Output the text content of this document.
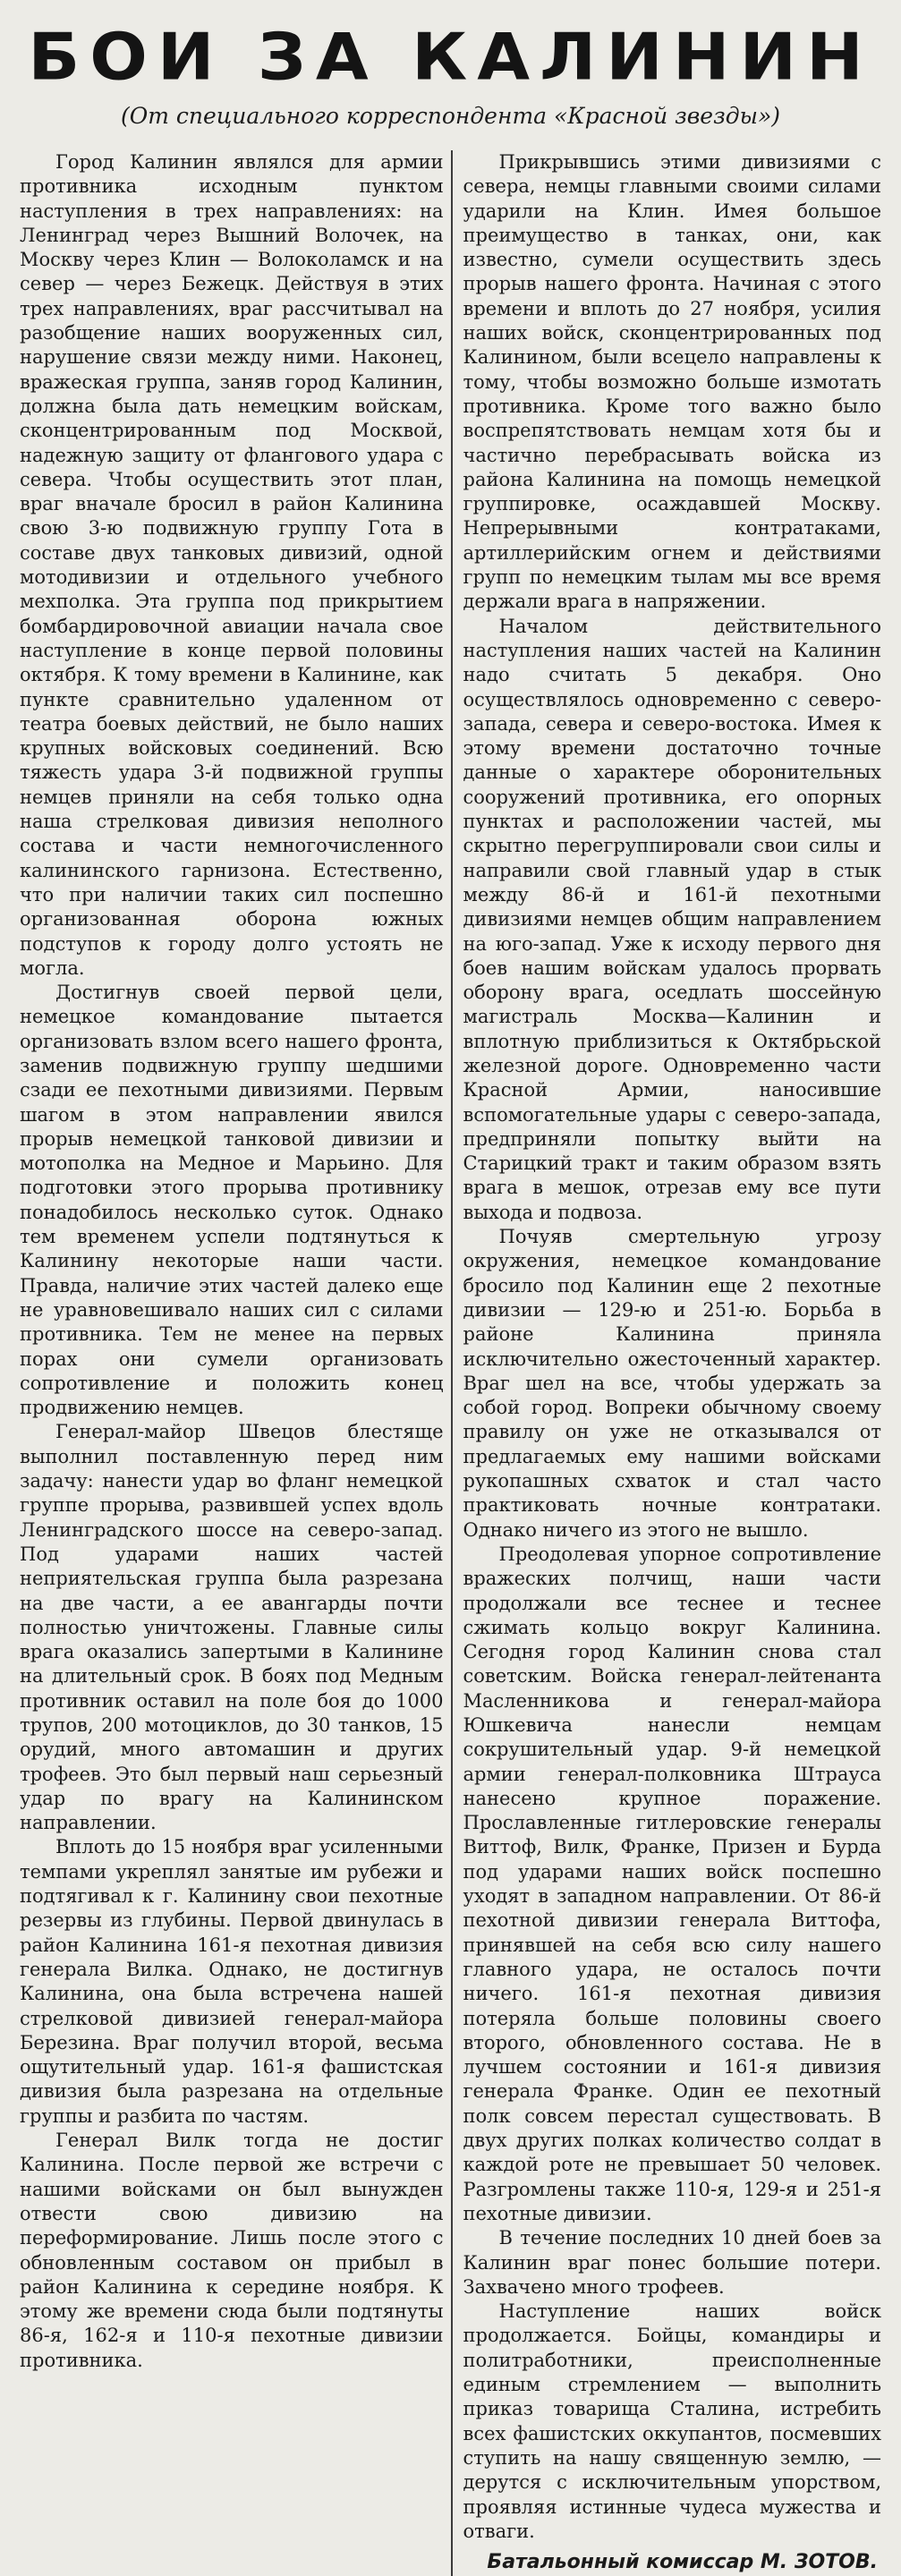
БОИ ЗА КАЛИНИН
(От специального корреспондента «Красной звезды»)

Город Калинин являлся для армии противника исходным пунктом наступления в трех направлениях: на Ленинград через Вышний Волочек, на Москву через Клин — Волоколамск и на север — через Бежецк. Действуя в этих трех направлениях, враг рассчитывал на разобщение наших вооруженных сил, нарушение связи между ними. Наконец, вражеская группа, заняв город Калинин, должна была дать немецким войскам, сконцентрированным под Москвой, надежную защиту от флангового удара с севера. Чтобы осуществить этот план, враг вначале бросил в район Калинина свою 3-ю подвижную группу Гота в составе двух танковых дивизий, одной мотодивизии и отдельного учебного мехполка. Эта группа под прикрытием бомбардировочной авиации начала свое наступление в конце первой половины октября. К тому времени в Калинине, как пункте сравнительно удаленном от театра боевых действий, не было наших крупных войсковых соединений. Всю тяжесть удара 3-й подвижной группы немцев приняли на себя только одна наша стрелковая дивизия неполного состава и части немногочисленного калининского гарнизона. Естественно, что при наличии таких сил поспешно организованная оборона южных подступов к городу долго устоять не могла.

Достигнув своей первой цели, немецкое командование пытается организовать взлом всего нашего фронта, заменив подвижную группу шедшими сзади ее пехотными дивизиями. Первым шагом в этом направлении явился прорыв немецкой танковой дивизии и мотополка на Медное и Марьино. Для подготовки этого прорыва противнику понадобилось несколько суток. Однако тем временем успели подтянуться к Калинину некоторые наши части. Правда, наличие этих частей далеко еще не уравновешивало наших сил с силами противника. Тем не менее на первых порах они сумели организовать сопротивление и положить конец продвижению немцев.

Генерал-майор Швецов блестяще выполнил поставленную перед ним задачу: нанести удар во фланг немецкой группе прорыва, развившей успех вдоль Ленинградского шоссе на северо-запад. Под ударами наших частей неприятельская группа была разрезана на две части, а ее авангарды почти полностью уничтожены. Главные силы врага оказались запертыми в Калинине на длительный срок. В боях под Медным противник оставил на поле боя до 1000 трупов, 200 мотоциклов, до 30 танков, 15 орудий, много автомашин и других трофеев. Это был первый наш серьезный удар по врагу на Калининском направлении.

Вплоть до 15 ноября враг усиленными темпами укреплял занятые им рубежи и подтягивал к г. Калинину свои пехотные резервы из глубины. Первой двинулась в район Калинина 161-я пехотная дивизия генерала Вилка. Однако, не достигнув Калинина, она была встречена нашей стрелковой дивизией генерал-майора Березина. Враг получил второй, весьма ощутительный удар. 161-я фашистская дивизия была разрезана на отдельные группы и разбита по частям.

Генерал Вилк тогда не достиг Калинина. После первой же встречи с нашими войсками он был вынужден отвести свою дивизию на переформирование. Лишь после этого с обновленным составом он прибыл в район Калинина к середине ноября. К этому же времени сюда были подтянуты 86-я, 162-я и 110-я пехотные дивизии противника.

Прикрывшись этими дивизиями с севера, немцы главными своими силами ударили на Клин. Имея большое преимущество в танках, они, как известно, сумели осуществить здесь прорыв нашего фронта. Начиная с этого времени и вплоть до 27 ноября, усилия наших войск, сконцентрированных под Калинином, были всецело направлены к тому, чтобы возможно больше измотать противника. Кроме того важно было воспрепятствовать немцам хотя бы и частично перебрасывать войска из района Калинина на помощь немецкой группировке, осаждавшей Москву. Непрерывными контратаками, артиллерийским огнем и действиями групп по немецким тылам мы все время держали врага в напряжении.

Началом действительного наступления наших частей на Калинин надо считать 5 декабря. Оно осуществлялось одновременно с северо-запада, севера и северо-востока. Имея к этому времени достаточно точные данные о характере оборонительных сооружений противника, его опорных пунктах и расположении частей, мы скрытно перегруппировали свои силы и направили свой главный удар в стык между 86-й и 161-й пехотными дивизиями немцев общим направлением на юго-запад. Уже к исходу первого дня боев нашим войскам удалось прорвать оборону врага, оседлать шоссейную магистраль Москва—Калинин и вплотную приблизиться к Октябрьской железной дороге. Одновременно части Красной Армии, наносившие вспомогательные удары с северо-запада, предприняли попытку выйти на Старицкий тракт и таким образом взять врага в мешок, отрезав ему все пути выхода и подвоза.

Почуяв смертельную угрозу окружения, немецкое командование бросило под Калинин еще 2 пехотные дивизии — 129-ю и 251-ю. Борьба в районе Калинина приняла исключительно ожесточенный характер. Враг шел на все, чтобы удержать за собой город. Вопреки обычному своему правилу он уже не отказывался от предлагаемых ему нашими войсками рукопашных схваток и стал часто практиковать ночные контратаки. Однако ничего из этого не вышло.

Преодолевая упорное сопротивление вражеских полчищ, наши части продолжали все теснее и теснее сжимать кольцо вокруг Калинина. Сегодня город Калинин снова стал советским. Войска генерал-лейтенанта Масленникова и генерал-майора Юшкевича нанесли немцам сокрушительный удар. 9-й немецкой армии генерал-полковника Штрауса нанесено крупное поражение. Прославленные гитлеровские генералы Виттоф, Вилк, Франке, Призен и Бурда под ударами наших войск поспешно уходят в западном направлении. От 86-й пехотной дивизии генерала Виттофа, принявшей на себя всю силу нашего главного удара, не осталось почти ничего. 161-я пехотная дивизия потеряла больше половины своего второго, обновленного состава. Не в лучшем состоянии и 161-я дивизия генерала Франке. Один ее пехотный полк совсем перестал существовать. В двух других полках количество солдат в каждой роте не превышает 50 человек. Разгромлены также 110-я, 129-я и 251-я пехотные дивизии.

В течение последних 10 дней боев за Калинин враг понес большие потери. Захвачено много трофеев.

Наступление наших войск продолжается. Бойцы, командиры и политработники, преисполненные единым стремлением — выполнить приказ товарища Сталина, истребить всех фашистских оккупантов, посмевших ступить на нашу священную землю, — дерутся с исключительным упорством, проявляя истинные чудеса мужества и отваги.

Батальонный комиссар М. ЗОТОВ.
